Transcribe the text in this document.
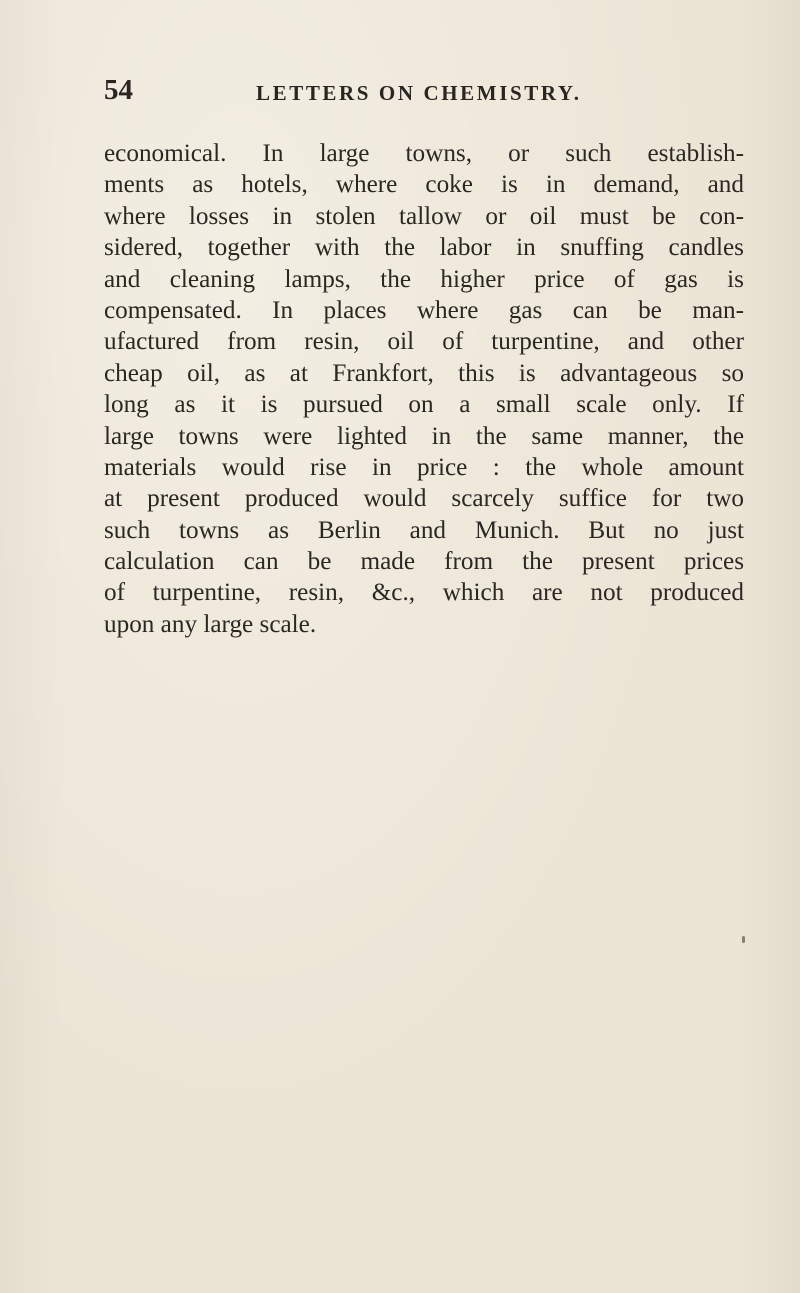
54	LETTERS ON CHEMISTRY.

economical. In large towns, or such establish-
ments as hotels, where coke is in demand, and
where losses in stolen tallow or oil must be con-
sidered, together with the labor in snuffing candles
and cleaning lamps, the higher price of gas is
compensated. In places where gas can be man-
ufactured from resin, oil of turpentine, and other
cheap oil, as at Frankfort, this is advantageous so
long as it is pursued on a small scale only. If
large towns were lighted in the same manner, the
materials would rise in price : the whole amount
at present produced would scarcely suffice for two
such towns as Berlin and Munich. But no just
calculation can be made from the present prices
of turpentine, resin, &c., which are not produced
upon any large scale.
